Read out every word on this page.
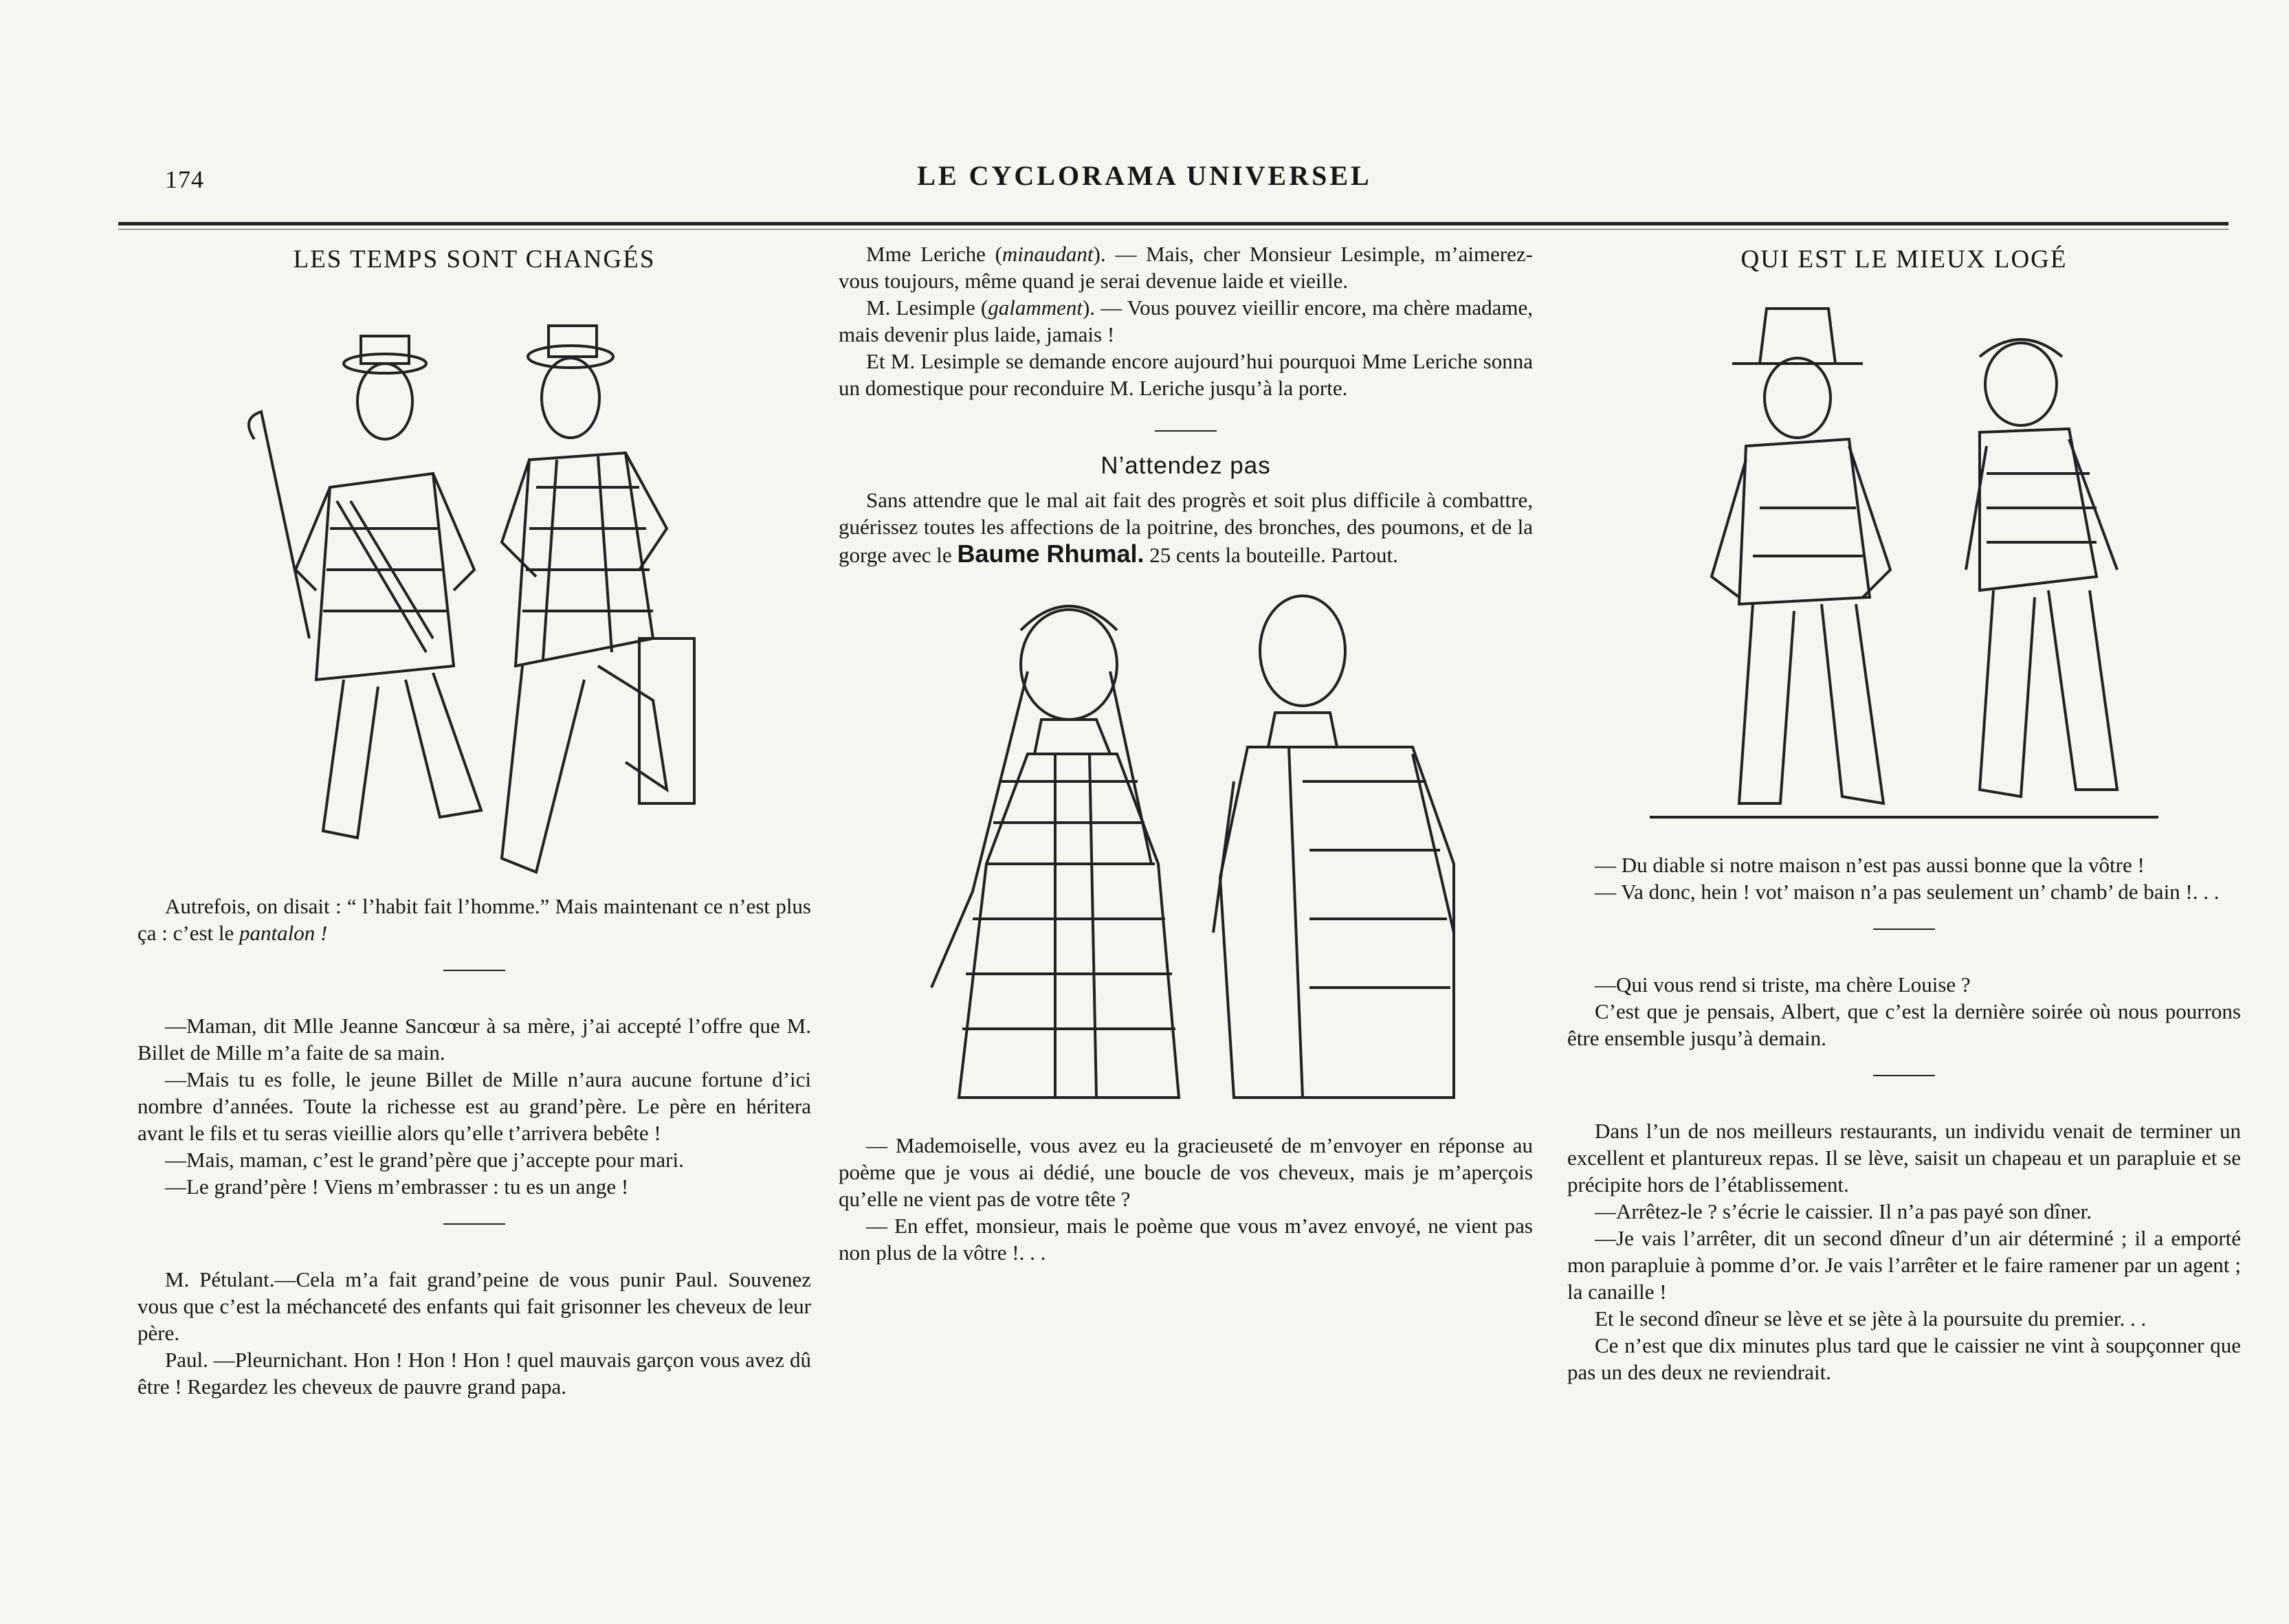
174	LE CYCLORAMA UNIVERSEL
LES TEMPS SONT CHANGÉS

Autrefois, on disait : “ l’habit fait l’homme.” Mais maintenant ce n’est plus ça : c’est le pantalon !

—Maman, dit Mlle Jeanne Sancœur à sa mère, j’ai accepté l’offre que M. Billet de Mille m’a faite de sa main.

—Mais tu es folle, le jeune Billet de Mille n’aura aucune fortune d’ici nombre d’années. Toute la richesse est au grand’père. Le père en héritera avant le fils et tu seras vieillie alors qu’elle t’arrivera bebête !

—Mais, maman, c’est le grand’père que j’accepte pour mari.

—Le grand’père ! Viens m’embrasser : tu es un ange !

M. Pétulant.—Cela m’a fait grand’peine de vous punir Paul. Souvenez vous que c’est la méchanceté des enfants qui fait grisonner les cheveux de leur père.

Paul. —Pleurnichant. Hon ! Hon ! Hon ! quel mauvais garçon vous avez dû être ! Regardez les cheveux de pauvre grand papa.

Mme Leriche (minaudant). — Mais, cher Monsieur Lesimple, m’aimerez-vous toujours, même quand je serai devenue laide et vieille.

M. Lesimple (galamment). — Vous pouvez vieillir encore, ma chère madame, mais devenir plus laide, jamais !

Et M. Lesimple se demande encore aujourd’hui pourquoi Mme Leriche sonna un domestique pour reconduire M. Leriche jusqu’à la porte.

N’attendez pas

Sans attendre que le mal ait fait des progrès et soit plus difficile à combattre, guérissez toutes les affections de la poitrine, des bronches, des poumons, et de la gorge avec le Baume Rhumal. 25 cents la bouteille. Partout.

— Mademoiselle, vous avez eu la gracieuseté de m’envoyer en réponse au poème que je vous ai dédié, une boucle de vos cheveux, mais je m’aperçois qu’elle ne vient pas de votre tête ?

— En effet, monsieur, mais le poème que vous m’avez envoyé, ne vient pas non plus de la vôtre !. . .

QUI EST LE MIEUX LOGÉ

— Du diable si notre maison n’est pas aussi bonne que la vôtre !

— Va donc, hein ! vot’ maison n’a pas seulement un’ chamb’ de bain !. . .

—Qui vous rend si triste, ma chère Louise ?

C’est que je pensais, Albert, que c’est la dernière soirée où nous pourrons être ensemble jusqu’à demain.

Dans l’un de nos meilleurs restaurants, un individu venait de terminer un excellent et plantureux repas. Il se lève, saisit un chapeau et un parapluie et se précipite hors de l’établissement.

—Arrêtez-le ? s’écrie le caissier. Il n’a pas payé son dîner.

—Je vais l’arrêter, dit un second dîneur d’un air déterminé ; il a emporté mon parapluie à pomme d’or. Je vais l’arrêter et le faire ramener par un agent ; la canaille !

Et le second dîneur se lève et se jète à la poursuite du premier. . .

Ce n’est que dix minutes plus tard que le caissier ne vint à soupçonner que pas un des deux ne reviendrait.
